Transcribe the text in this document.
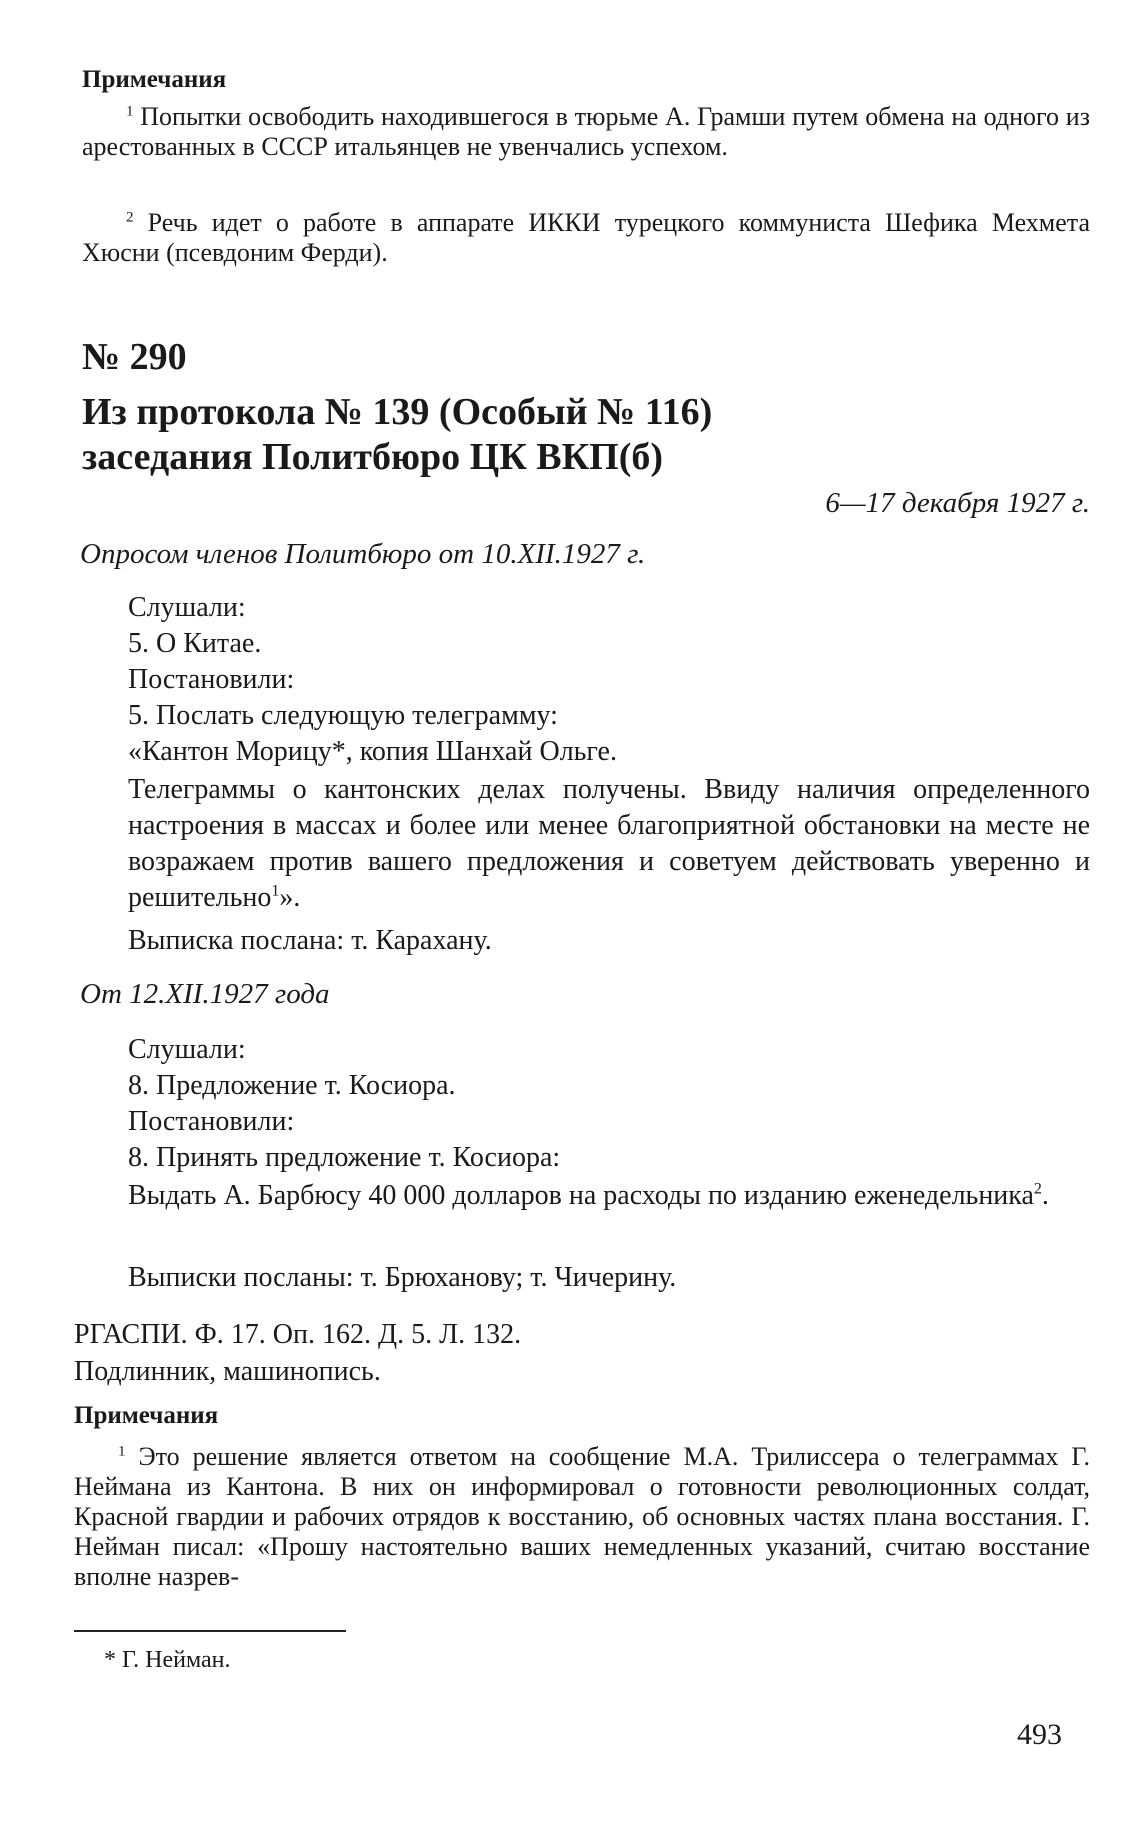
Примечания
$^1$ Попытки освободить находившегося в тюрьме А. Грамши путем обмена на одного из арестованных в СССР итальянцев не увенчались успехом.
$^2$ Речь идет о работе в аппарате ИККИ турецкого коммуниста Шефика Мехмета Хюсни (псевдоним Ферди).
№ 290
Из протокола № 139 (Особый № 116)
заседания Политбюро ЦК ВКП(б)
6—17 декабря 1927 г.
Опросом членов Политбюро от 10.XII.1927 г.
Слушали:
5. О Китае.
Постановили:
5. Послать следующую телеграмму:
«Кантон Морицу*, копия Шанхай Ольге.
Телеграммы о кантонских делах получены. Ввиду наличия определенного настроения в массах и более или менее благоприятной обстановки на месте не возражаем против вашего предложения и советуем действовать уверенно и решительно$^1$».
Выписка послана: т. Карахану.
От 12.XII.1927 года
Слушали:
8. Предложение т. Косиора.
Постановили:
8. Принять предложение т. Косиора:
Выдать А. Барбюсу 40 000 долларов на расходы по изданию еженедельника$^2$.
Выписки посланы: т. Брюханову; т. Чичерину.
РГАСПИ. Ф. 17. Оп. 162. Д. 5. Л. 132.
Подлинник, машинопись.
Примечания
$^1$ Это решение является ответом на сообщение М.А. Трилиссера о телеграммах Г. Неймана из Кантона. В них он информировал о готовности революционных солдат, Красной гвардии и рабочих отрядов к восстанию, об основных частях плана восстания. Г. Нейман писал: «Прошу настоятельно ваших немедленных указаний, считаю восстание вполне назрев-
* Г. Нейман.
493
